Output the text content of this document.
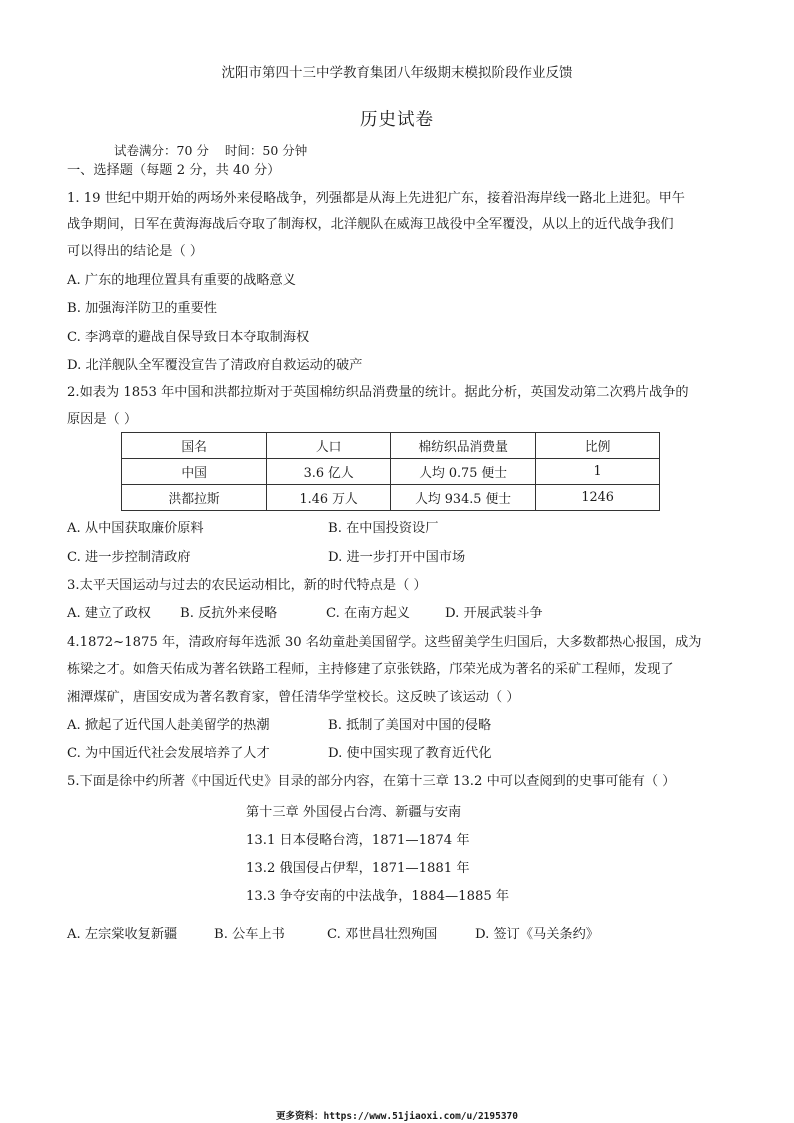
沈阳市第四十三中学教育集团八年级期末模拟阶段作业反馈
历史试卷
试卷满分：70 分 时间：50 分钟
一、选择题（每题 2 分，共 40 分）
1. 19 世纪中期开始的两场外来侵略战争，列强都是从海上先进犯广东，接着沿海岸线一路北上进犯。甲午
战争期间，日军在黄海海战后夺取了制海权，北洋舰队在威海卫战役中全军覆没，从以上的近代战争我们
可以得出的结论是（ ）
A. 广东的地理位置具有重要的战略意义
B. 加强海洋防卫的重要性
C. 李鸿章的避战自保导致日本夺取制海权
D. 北洋舰队全军覆没宣告了清政府自救运动的破产
2.如表为 1853 年中国和洪都拉斯对于英国棉纺织品消费量的统计。据此分析，英国发动第二次鸦片战争的
原因是（ ）
国名	人口	棉纺织品消费量	比例
中国	3.6 亿人	人均 0.75 便士	1
洪都拉斯	1.46 万人	人均 934.5 便士	1246
A. 从中国获取廉价原料	B. 在中国投资设厂
C. 进一步控制清政府	D. 进一步打开中国市场
3.太平天国运动与过去的农民运动相比，新的时代特点是（ ）
A. 建立了政权 B. 反抗外来侵略	C. 在南方起义	D. 开展武装斗争
4.1872~1875 年，清政府每年选派 30 名幼童赴美国留学。这些留美学生归国后，大多数都热心报国，成为
栋梁之才。如詹天佑成为著名铁路工程师，主持修建了京张铁路，邝荣光成为著名的采矿工程师，发现了
湘潭煤矿，唐国安成为著名教育家，曾任清华学堂校长。这反映了该运动（ ）
A. 掀起了近代国人赴美留学的热潮	B. 抵制了美国对中国的侵略
C. 为中国近代社会发展培养了人才	D. 使中国实现了教育近代化
5.下面是徐中约所著《中国近代史》目录的部分内容，在第十三章 13.2 中可以查阅到的史事可能有（ ）
第十三章 外国侵占台湾、新疆与安南
13.1 日本侵略台湾，1871—1874 年
13.2 俄国侵占伊犁，1871—1881 年
13.3 争夺安南的中法战争，1884—1885 年
A. 左宗棠收复新疆	B. 公车上书	C. 邓世昌壮烈殉国	D. 签订《马关条约》
更多资料：https://www.51jiaoxi.com/u/2195370
